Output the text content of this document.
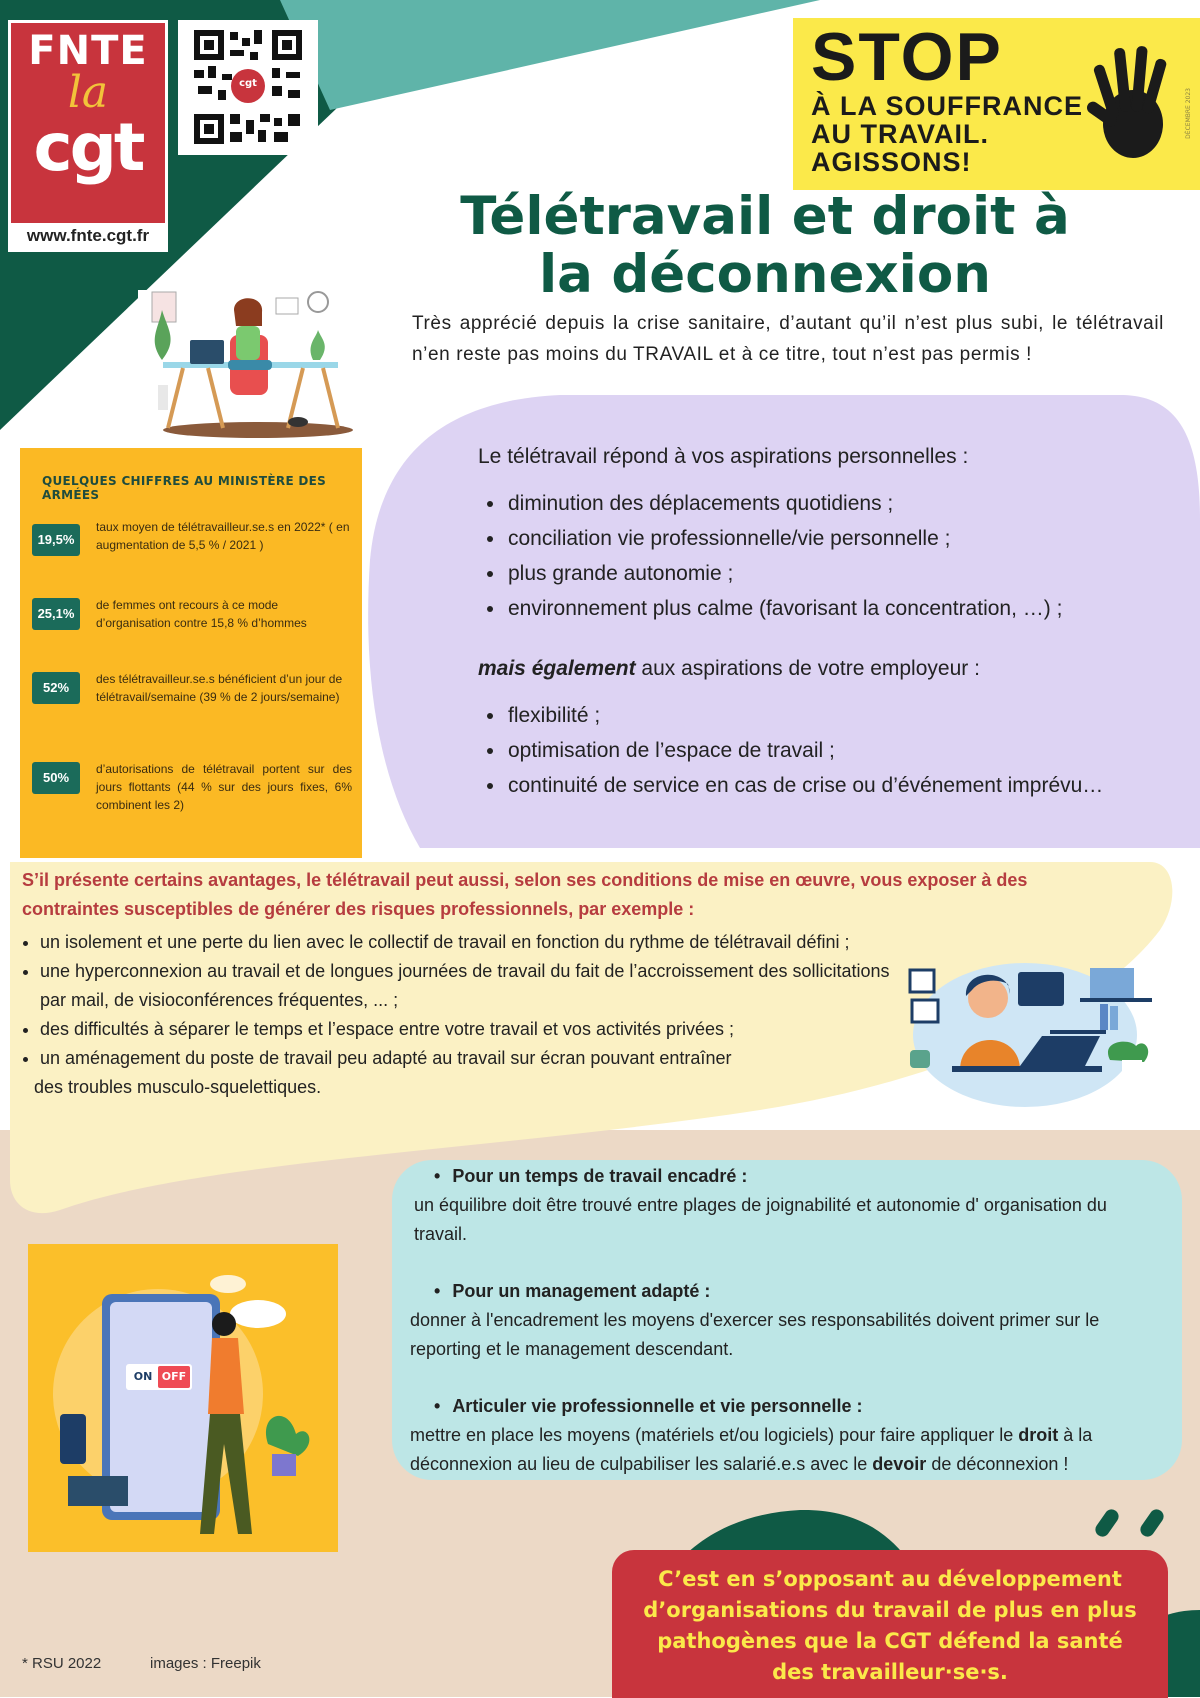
FNTE
la
cgt
www.fnte.cgt.fr
cgt	STOP
À LA SOUFFRANCE
AU TRAVAIL.
AGISSONS!
DÉCEMBRE 2023
Télétravail et droit à
la déconnexion
Très apprécié depuis la crise sanitaire, d’autant qu’il n’est plus subi, le télétravail n’en reste pas moins du TRAVAIL et à ce titre, tout n’est pas permis !

Le télétravail répond à vos aspirations personnelles :

• diminution des déplacements quotidiens ;
• conciliation vie professionnelle/vie personnelle ;
• plus grande autonomie ;
• environnement plus calme (favorisant la concentration, …) ;

mais également aux aspirations de votre employeur :

• flexibilité ;
• optimisation de l’espace de travail ;
• continuité de service en cas de crise ou d’événement imprévu…
QUELQUES CHIFFRES AU MINISTÈRE DES ARMÉES
19,5%
taux moyen de télétravailleur.se.s en 2022* ( en augmentation de 5,5 % / 2021 )
25,1%
de femmes ont recours à ce mode d’organisation contre 15,8 % d’hommes
52%
des télétravailleur.se.s bénéficient d’un jour de télétravail/semaine (39 % de 2 jours/semaine)
50%
d’autorisations de télétravail portent sur des jours flottants (44 % sur des jours fixes, 6% combinent les 2)
S’il présente certains avantages, le télétravail peut aussi, selon ses conditions de mise en œuvre, vous exposer à des contraintes susceptibles de générer des risques professionnels, par exemple :
• un isolement et une perte du lien avec le collectif de travail en fonction du rythme de télétravail défini ;
• une hyperconnexion au travail et de longues journées de travail du fait de l’accroissement des sollicitations par mail, de visioconférences fréquentes, ... ;
• des difficultés à séparer le temps et l’espace entre votre travail et vos activités privées ;
• un aménagement du poste de travail peu adapté au travail sur écran pouvant entraîner
des troubles musculo-squelettiques.
ON OFF
• Pour un temps de travail encadré :
un équilibre doit être trouvé entre plages de joignabilité et autonomie d' organisation du travail.
• Pour un management adapté :
donner à l'encadrement les moyens d'exercer ses responsabilités doivent primer sur le reporting et le management descendant.
• Articuler vie professionnelle et vie personnelle :
mettre en place les moyens (matériels et/ou logiciels) pour faire appliquer le droit à la déconnexion au lieu de culpabiliser les salarié.e.s avec le devoir de déconnexion !
C’est en s’opposant au développement
d’organisations du travail de plus en plus
pathogènes que la CGT défend la santé
des travailleur·se·s.
* RSU 2022	images : Freepik
